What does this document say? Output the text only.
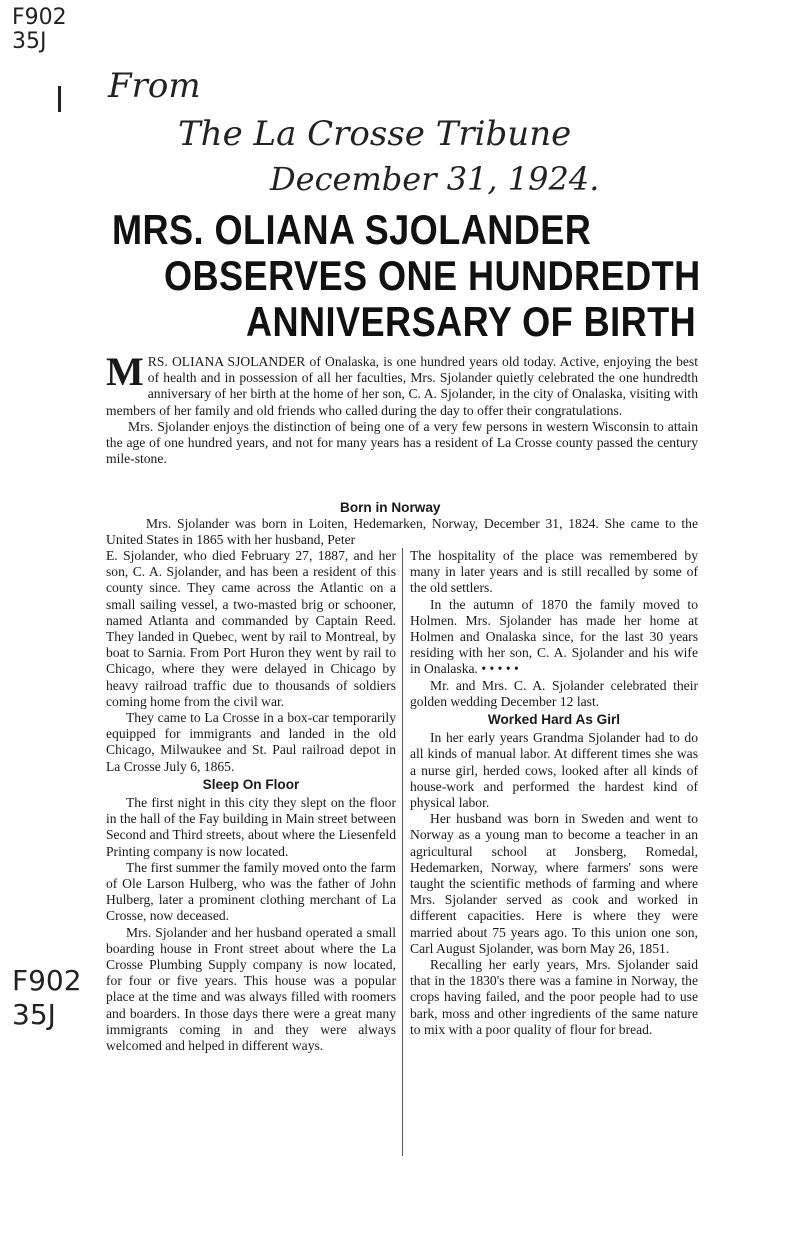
F902
35J
From
The La Crosse Tribune
December 31, 1924.
MRS. OLIANA SJOLANDER
OBSERVES ONE HUNDREDTH
ANNIVERSARY OF BIRTH

MRS. OLIANA SJOLANDER of Onalaska, is one hundred years old today. Active, enjoying the best of health and in possession of all her faculties, Mrs. Sjolander quietly celebrated the one hundredth anniversary of her birth at the home of her son, C. A. Sjolander, in the city of Onalaska, visiting with members of her family and old friends who called during the day to offer their congratulations.

Mrs. Sjolander enjoys the distinction of being one of a very few persons in western Wisconsin to attain the age of one hundred years, and not for many years has a resident of La Crosse county passed the century mile-stone.

Born in Norway

Mrs. Sjolander was born in Loiten, Hedemarken, Norway, December 31, 1824. She came to the United States in 1865 with her husband, Peter

E. Sjolander, who died February 27, 1887, and her son, C. A. Sjolander, and has been a resident of this county since. They came across the Atlantic on a small sailing vessel, a two-masted brig or schooner, named Atlanta and commanded by Captain Reed. They landed in Quebec, went by rail to Montreal, by boat to Sarnia. From Port Huron they went by rail to Chicago, where they were delayed in Chicago by heavy railroad traffic due to thousands of soldiers coming home from the civil war.

They came to La Crosse in a box-car temporarily equipped for immigrants and landed in the old Chicago, Milwaukee and St. Paul railroad depot in La Crosse July 6, 1865.

Sleep On Floor

The first night in this city they slept on the floor in the hall of the Fay building in Main street between Second and Third streets, about where the Liesenfeld Printing company is now located.

The first summer the family moved onto the farm of Ole Larson Hulberg, who was the father of John Hulberg, later a prominent clothing merchant of La Crosse, now deceased.

Mrs. Sjolander and her husband operated a small boarding house in Front street about where the La Crosse Plumbing Supply company is now located, for four or five years. This house was a popular place at the time and was always filled with roomers and boarders. In those days there were a great many immigrants coming in and they were always welcomed and helped in different ways.

The hospitality of the place was remembered by many in later years and is still recalled by some of the old settlers.

In the autumn of 1870 the family moved to Holmen. Mrs. Sjolander has made her home at Holmen and Onalaska since, for the last 30 years residing with her son, C. A. Sjolander and his wife in Onalaska. • • • • •

Mr. and Mrs. C. A. Sjolander celebrated their golden wedding December 12 last.

Worked Hard As Girl

In her early years Grandma Sjolander had to do all kinds of manual labor. At different times she was a nurse girl, herded cows, looked after all kinds of house-work and performed the hardest kind of physical labor.

Her husband was born in Sweden and went to Norway as a young man to become a teacher in an agricultural school at Jonsberg, Romedal, Hedemarken, Norway, where farmers' sons were taught the scientific methods of farming and where Mrs. Sjolander served as cook and worked in different capacities. Here is where they were married about 75 years ago. To this union one son, Carl August Sjolander, was born May 26, 1851.

Recalling her early years, Mrs. Sjolander said that in the 1830's there was a famine in Norway, the crops having failed, and the poor people had to use bark, moss and other ingredients of the same nature to mix with a poor quality of flour for bread.

F902
35J
